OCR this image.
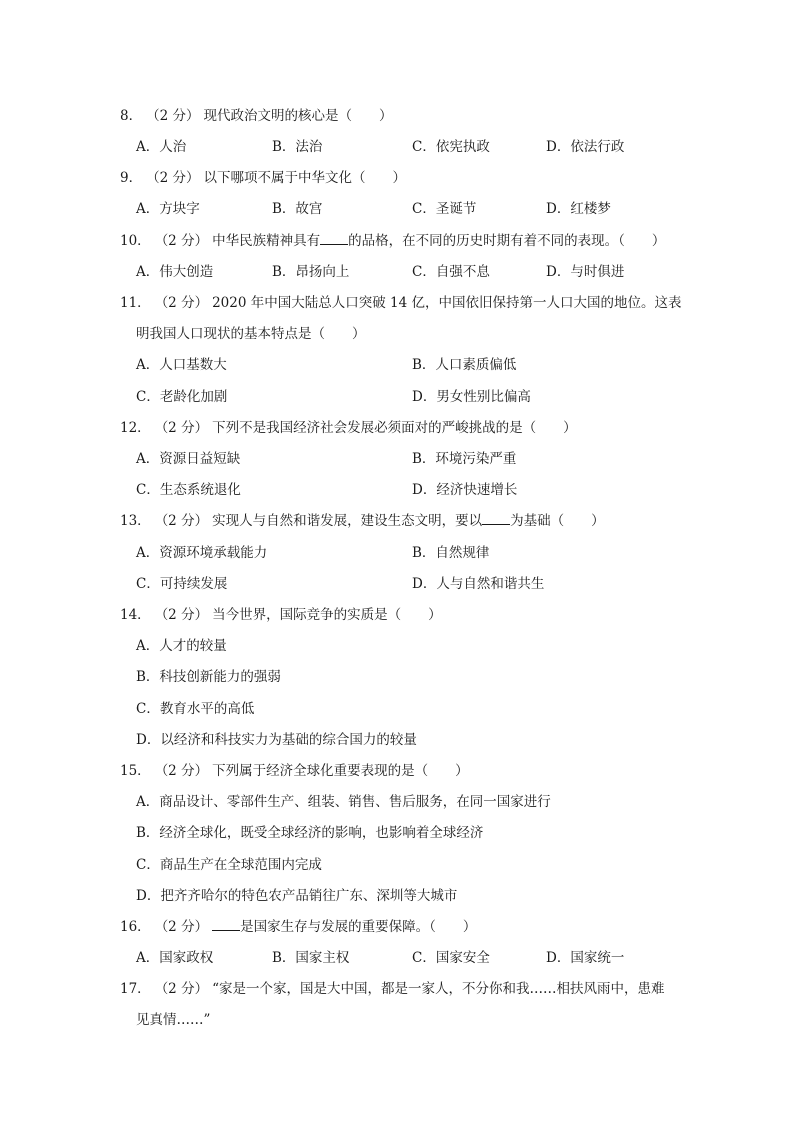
8． （2 分） 现代政治文明的核心是（　　）
A．人治	B．法治	C．依宪执政	D．依法行政
9． （2 分） 以下哪项不属于中华文化（　　）
A．方块字	B．故宫	C．圣诞节	D．红楼梦
10． （2 分） 中华民族精神具有 的品格，在不同的历史时期有着不同的表现。（　　）
A．伟大创造	B．昂扬向上	C．自强不息	D．与时俱进
11． （2 分） 2020 年中国大陆总人口突破 14 亿，中国依旧保持第一人口大国的地位。这表
明我国人口现状的基本特点是（　　）
A．人口基数大	B．人口素质偏低
C．老龄化加剧	D．男女性别比偏高
12． （2 分） 下列不是我国经济社会发展必须面对的严峻挑战的是（　　）
A．资源日益短缺	B．环境污染严重
C．生态系统退化	D．经济快速增长
13． （2 分） 实现人与自然和谐发展，建设生态文明，要以 为基础（　　）
A．资源环境承载能力	B．自然规律
C．可持续发展	D．人与自然和谐共生
14． （2 分） 当今世界，国际竞争的实质是（　　）
A．人才的较量
B．科技创新能力的强弱
C．教育水平的高低
D．以经济和科技实力为基础的综合国力的较量
15． （2 分） 下列属于经济全球化重要表现的是（　　）
A．商品设计、零部件生产、组装、销售、售后服务，在同一国家进行
B．经济全球化，既受全球经济的影响，也影响着全球经济
C．商品生产在全球范围内完成
D．把齐齐哈尔的特色农产品销往广东、深圳等大城市
16． （2 分） 是国家生存与发展的重要保障。（　　）
A．国家政权	B．国家主权	C．国家安全	D．国家统一
17． （2 分） “家是一个家，国是大中国，都是一家人，不分你和我……相扶风雨中，患难
见真情……”
